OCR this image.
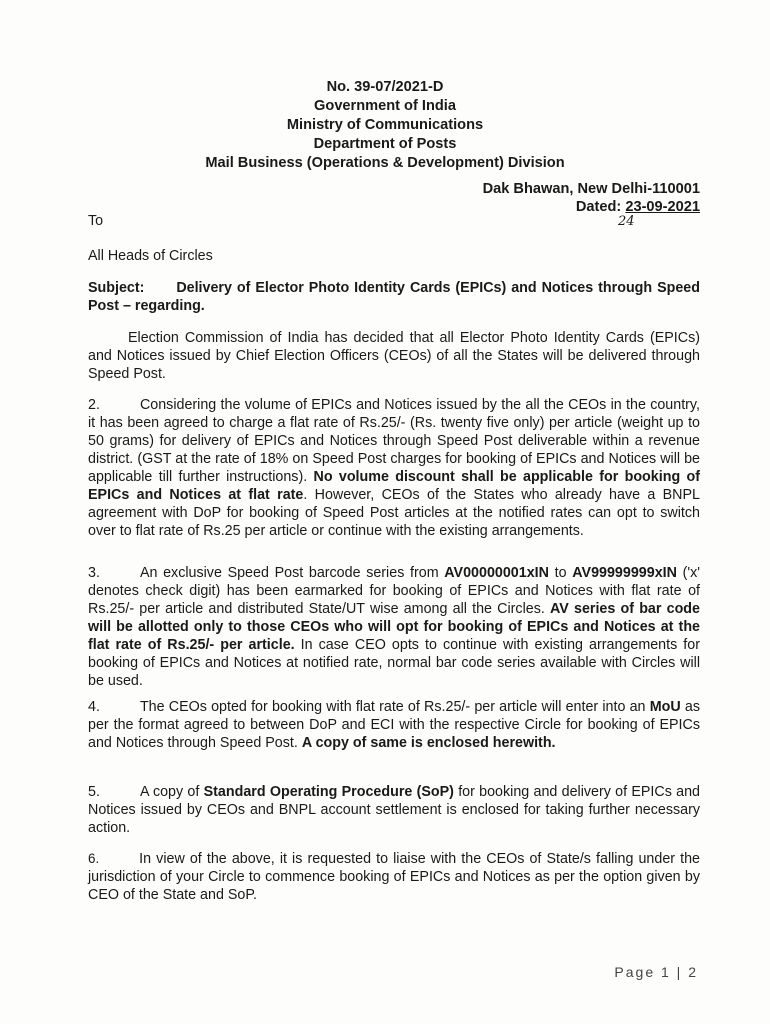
No. 39-07/2021-D
Government of India
Ministry of Communications
Department of Posts
Mail Business (Operations & Development) Division
Dak Bhawan, New Delhi-110001
Dated: 23-09-2021
24
To
All Heads of Circles
Subject: Delivery of Elector Photo Identity Cards (EPICs) and Notices through Speed Post – regarding.
Election Commission of India has decided that all Elector Photo Identity Cards (EPICs) and Notices issued by Chief Election Officers (CEOs) of all the States will be delivered through Speed Post.
2.	Considering the volume of EPICs and Notices issued by the all the CEOs in the country, it has been agreed to charge a flat rate of Rs.25/- (Rs. twenty five only) per article (weight up to 50 grams) for delivery of EPICs and Notices through Speed Post deliverable within a revenue district. (GST at the rate of 18% on Speed Post charges for booking of EPICs and Notices will be applicable till further instructions). No volume discount shall be applicable for booking of EPICs and Notices at flat rate. However, CEOs of the States who already have a BNPL agreement with DoP for booking of Speed Post articles at the notified rates can opt to switch over to flat rate of Rs.25 per article or continue with the existing arrangements.
3.	An exclusive Speed Post barcode series from AV00000001xIN to AV99999999xIN ('x' denotes check digit) has been earmarked for booking of EPICs and Notices with flat rate of Rs.25/- per article and distributed State/UT wise among all the Circles. AV series of bar code will be allotted only to those CEOs who will opt for booking of EPICs and Notices at the flat rate of Rs.25/- per article. In case CEO opts to continue with existing arrangements for booking of EPICs and Notices at notified rate, normal bar code series available with Circles will be used.
4.	The CEOs opted for booking with flat rate of Rs.25/- per article will enter into an MoU as per the format agreed to between DoP and ECI with the respective Circle for booking of EPICs and Notices through Speed Post. A copy of same is enclosed herewith.
5.	A copy of Standard Operating Procedure (SoP) for booking and delivery of EPICs and Notices issued by CEOs and BNPL account settlement is enclosed for taking further necessary action.
6.	In view of the above, it is requested to liaise with the CEOs of State/s falling under the jurisdiction of your Circle to commence booking of EPICs and Notices as per the option given by CEO of the State and SoP.
Page 1 | 2
